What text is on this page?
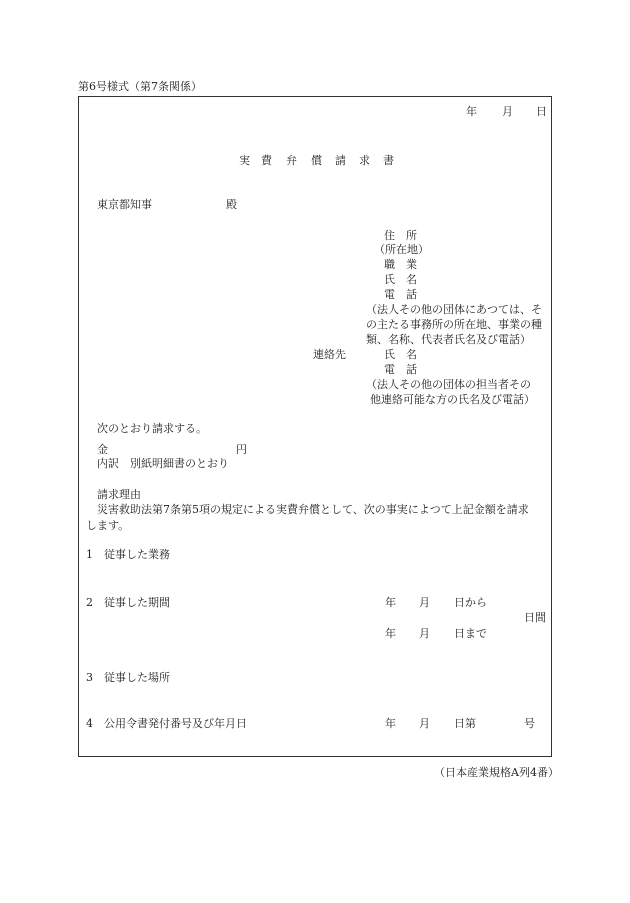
第6号様式（第7条関係）
年 月 日
実 費 弁 償 請 求 書
東京都知事	殿
住　所
（所在地）
職　業
氏　名
電　話
（法人その他の団体にあつては、そ
の主たる事務所の所在地、事業の種
類、名称、代表者氏名及び電話）
連絡先	氏　名
電　話
（法人その他の団体の担当者その
他連絡可能な方の氏名及び電話）
次のとおり請求する。
金	円
内訳　別紙明細書のとおり
請求理由
災害救助法第7条第5項の規定による実費弁償として、次の事実によつて上記金額を請求
します。
1　従事した業務
2　従事した期間	年 月 日から
日間
年 月 日まで
3　従事した場所
4　公用令書発付番号及び年月日	年 月 日第	号
（日本産業規格A列4番）
